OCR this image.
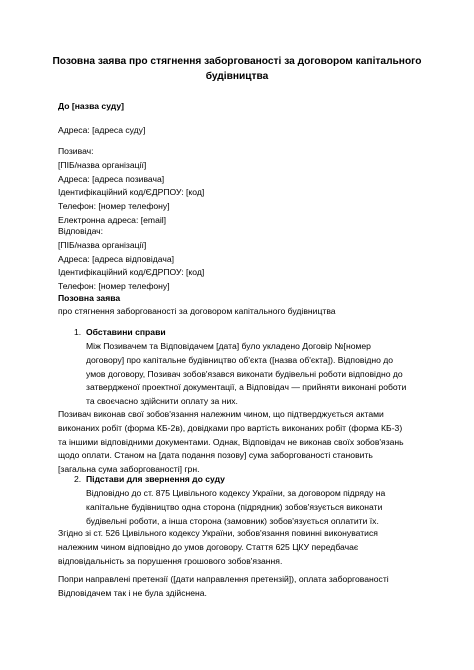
Позовна заява про стягнення заборгованості за договором капітального будівництва
До [назва суду]
Адреса: [адреса суду]
Позивач:
[ПІБ/назва організації]
Адреса: [адреса позивача]
Ідентифікаційний код/ЄДРПОУ: [код]
Телефон: [номер телефону]
Електронна адреса: [email]
Відповідач:
[ПІБ/назва організації]
Адреса: [адреса відповідача]
Ідентифікаційний код/ЄДРПОУ: [код]
Телефон: [номер телефону]
Позовна заява
про стягнення заборгованості за договором капітального будівництва
1. Обставини справи
Між Позивачем та Відповідачем [дата] було укладено Договір №[номер
договору] про капітальне будівництво об'єкта ([назва об'єкта]). Відповідно до
умов договору, Позивач зобов'язався виконати будівельні роботи відповідно до
затвердженої проектної документації, а Відповідач — прийняти виконані роботи
та своєчасно здійснити оплату за них.
Позивач виконав свої зобов'язання належним чином, що підтверджується актами
виконаних робіт (форма КБ-2в), довідками про вартість виконаних робіт (форма КБ-3)
та іншими відповідними документами. Однак, Відповідач не виконав своїх зобов'язань
щодо оплати. Станом на [дата подання позову] сума заборгованості становить
[загальна сума заборгованості] грн.
2. Підстави для звернення до суду
Відповідно до ст. 875 Цивільного кодексу України, за договором підряду на
капітальне будівництво одна сторона (підрядник) зобов'язується виконати
будівельні роботи, а інша сторона (замовник) зобов'язується оплатити їх.
Згідно зі ст. 526 Цивільного кодексу України, зобов'язання повинні виконуватися
належним чином відповідно до умов договору. Стаття 625 ЦКУ передбачає
відповідальність за порушення грошового зобов'язання.
Попри направлені претензії ([дати направлення претензій]), оплата заборгованості
Відповідачем так і не була здійснена.
